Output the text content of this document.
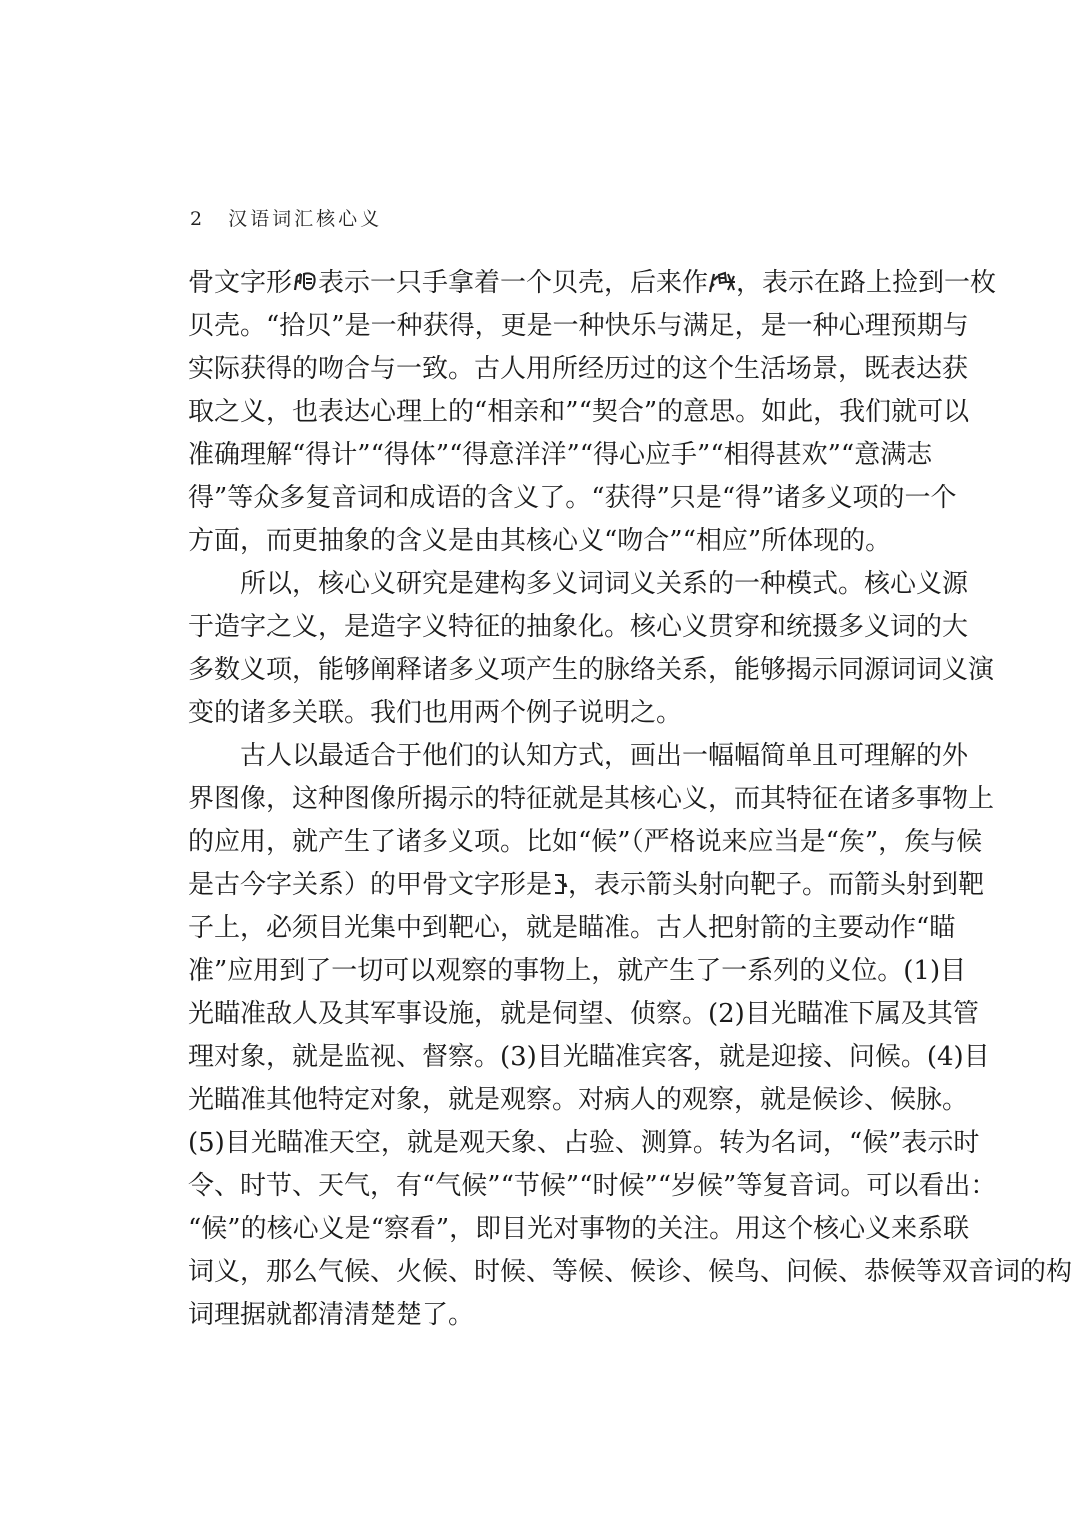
2 汉语词汇核心义
骨文字形 表示一只手拿着一个贝壳，后来作 ，表示在路上捡到一枚
贝壳。“拾贝”是一种获得，更是一种快乐与满足，是一种心理预期与
实际获得的吻合与一致。古人用所经历过的这个生活场景，既表达获
取之义，也表达心理上的“相亲和”“契合”的意思。如此，我们就可以
准确理解“得计”“得体”“得意洋洋”“得心应手”“相得甚欢”“意满志
得”等众多复音词和成语的含义了。“获得”只是“得”诸多义项的一个
方面，而更抽象的含义是由其核心义“吻合”“相应”所体现的。
所以，核心义研究是建构多义词词义关系的一种模式。核心义源
于造字之义，是造字义特征的抽象化。核心义贯穿和统摄多义词的大
多数义项，能够阐释诸多义项产生的脉络关系，能够揭示同源词词义演
变的诸多关联。我们也用两个例子说明之。
古人以最适合于他们的认知方式，画出一幅幅简单且可理解的外
界图像，这种图像所揭示的特征就是其核心义，而其特征在诸多事物上
的应用，就产生了诸多义项。比如“候”（严格说来应当是“矦”，矦与候
是古今字关系）的甲骨文字形是 ，表示箭头射向靶子。而箭头射到靶
子上，必须目光集中到靶心，就是瞄准。古人把射箭的主要动作“瞄
准”应用到了一切可以观察的事物上，就产生了一系列的义位。(1)目
光瞄准敌人及其军事设施，就是伺望、侦察。(2)目光瞄准下属及其管
理对象，就是监视、督察。(3)目光瞄准宾客，就是迎接、问候。(4)目
光瞄准其他特定对象，就是观察。对病人的观察，就是候诊、候脉。
(5)目光瞄准天空，就是观天象、占验、测算。转为名词，“候”表示时
令、时节、天气，有“气候”“节候”“时候”“岁候”等复音词。可以看出：
“候”的核心义是“察看”，即目光对事物的关注。用这个核心义来系联
词义，那么气候、火候、时候、等候、候诊、候鸟、问候、恭候等双音词的构
词理据就都清清楚楚了。
